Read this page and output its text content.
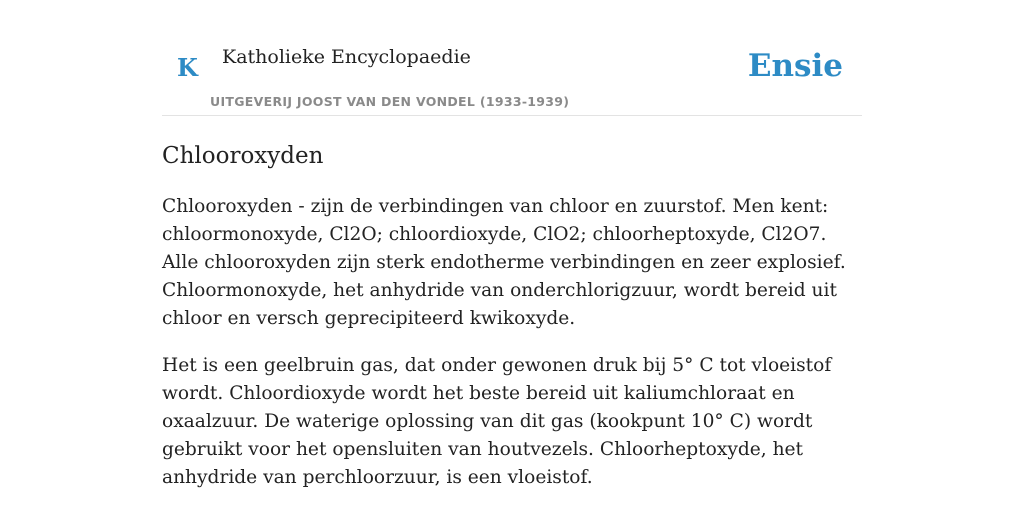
K Katholieke Encyclopaedie
UITGEVERIJ JOOST VAN DEN VONDEL (1933-1939)
Ensie
Chlooroxyden

Chlooroxyden - zijn de verbindingen van chloor en zuurstof. Men kent: chloormonoxyde, Cl2O; chloordioxyde, ClO2; chloorheptoxyde, Cl2O7. Alle chlooroxyden zijn sterk endotherme verbindingen en zeer explosief. Chloormonoxyde, het anhydride van onderchlorigzuur, wordt bereid uit chloor en versch geprecipiteerd kwikoxyde.

Het is een geelbruin gas, dat onder gewonen druk bij 5° C tot vloeistof wordt. Chloordioxyde wordt het beste bereid uit kaliumchloraat en oxaalzuur. De waterige oplossing van dit gas (kookpunt 10° C) wordt gebruikt voor het opensluiten van houtvezels. Chloorheptoxyde, het anhydride van perchloorzuur, is een vloeistof.
